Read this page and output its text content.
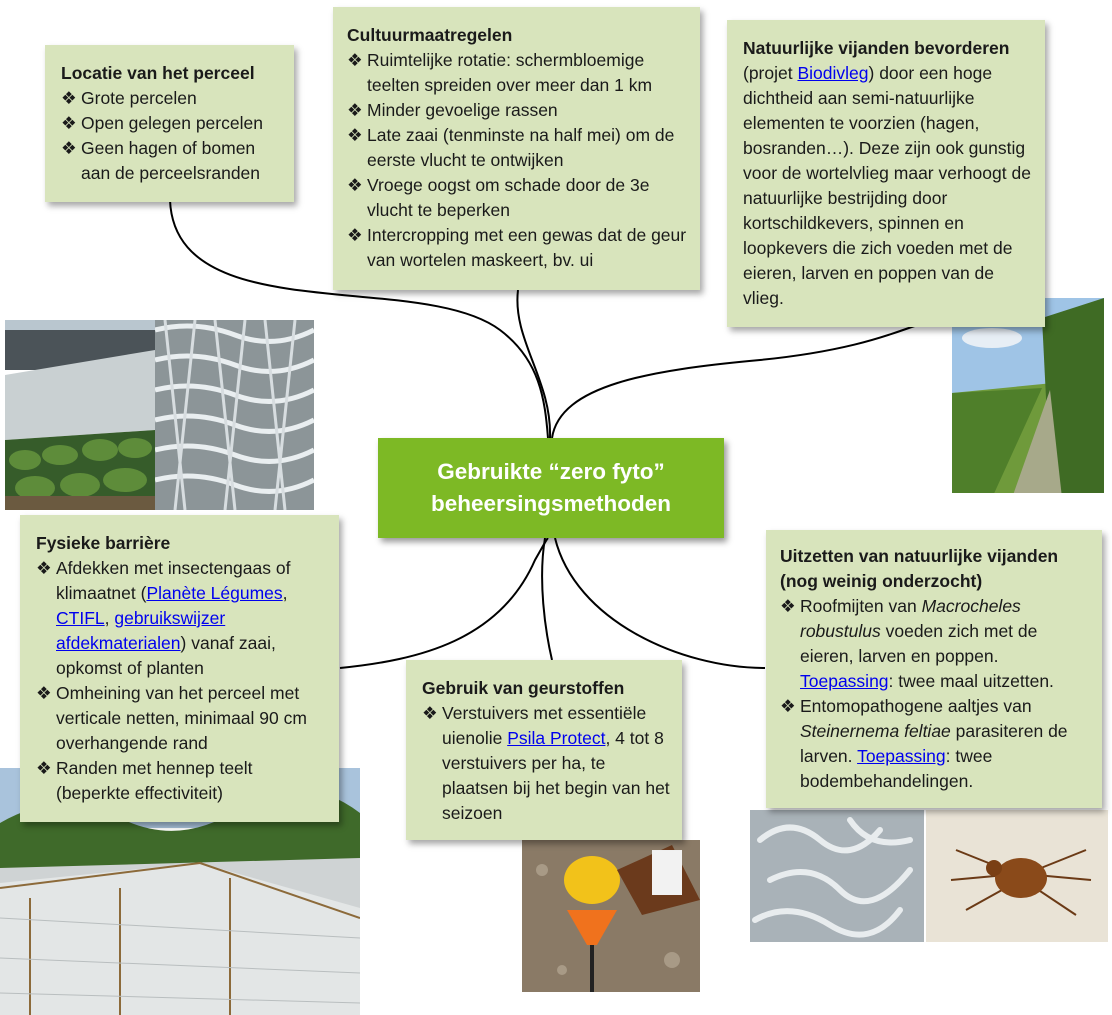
Locatie van het perceel
❖ Grote percelen
❖ Open gelegen percelen
❖ Geen hagen of bomen aan de perceelsranden
Cultuurmaatregelen
❖ Ruimtelijke rotatie: schermbloemige teelten spreiden over meer dan 1 km
❖ Minder gevoelige rassen
❖ Late zaai (tenminste na half mei) om de eerste vlucht te ontwijken
❖ Vroege oogst om schade door de 3e vlucht te beperken
❖ Intercropping met een gewas dat de geur van wortelen maskeert, bv. ui
Natuurlijke vijanden bevorderen
(projet Biodivleg) door een hoge dichtheid aan semi-natuurlijke elementen te voorzien (hagen, bosranden…). Deze zijn ook gunstig voor de wortelvlieg maar verhoogt de natuurlijke bestrijding door kortschildkevers, spinnen en loopkevers die zich voeden met de eieren, larven en poppen van de vlieg.
Gebruikte “zero fyto”
beheersingsmethoden
Fysieke barrière
❖ Afdekken met insectengaas of klimaatnet (Planète Légumes, CTIFL, gebruikswijzer afdekmaterialen) vanaf zaai, opkomst of planten
❖ Omheining van het perceel met verticale netten, minimaal 90 cm overhangende rand
❖ Randen met hennep teelt (beperkte effectiviteit)
Gebruik van geurstoffen
❖ Verstuivers met essentiële uienolie Psila Protect, 4 tot 8 verstuivers per ha, te plaatsen bij het begin van het seizoen
Uitzetten van natuurlijke vijanden (nog weinig onderzocht)
❖ Roofmijten van Macrocheles robustulus voeden zich met de eieren, larven en poppen. Toepassing: twee maal uitzetten.
❖ Entomopathogene aaltjes van Steinernema feltiae parasiteren de larven. Toepassing: twee bodembehandelingen.
